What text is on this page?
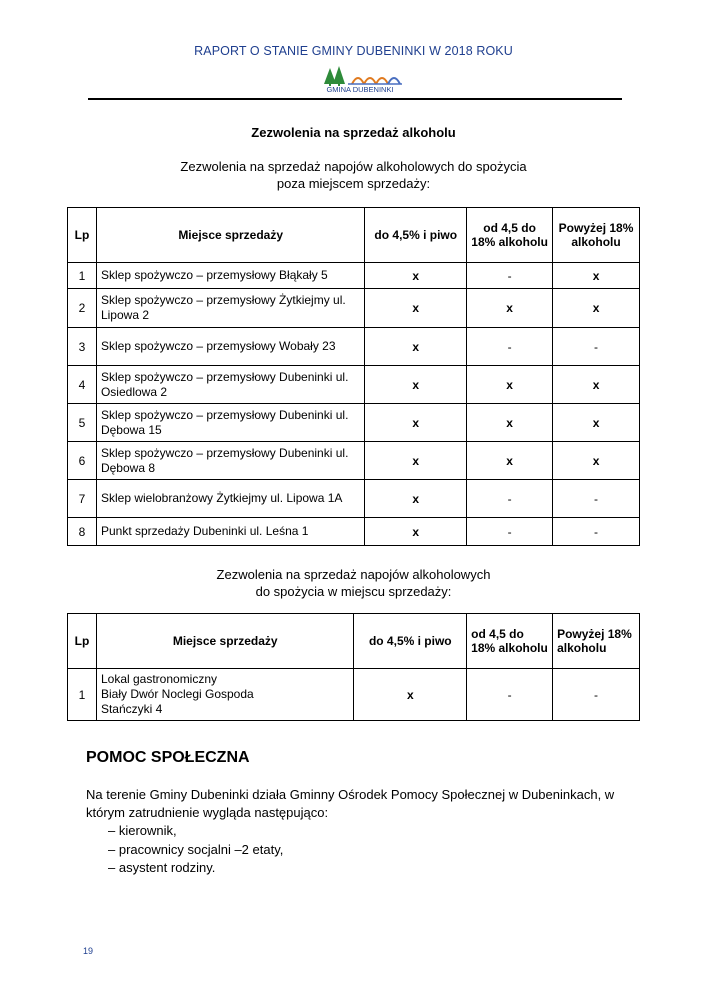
RAPORT O STANIE GMINY DUBENINKI W 2018 ROKU
GMINA DUBENINKI
Zezwolenia na sprzedaż alkoholu
Zezwolenia na sprzedaż napojów alkoholowych do spożycia
poza miejscem sprzedaży:
Lp	Miejsce sprzedaży	do 4,5% i piwo	od 4,5 do 18% alkoholu	Powyżej 18% alkoholu
1	Sklep spożywczo – przemysłowy Błąkały 5	x	-	x
2	Sklep spożywczo – przemysłowy Żytkiejmy ul. Lipowa 2	x	x	x
3	Sklep spożywczo – przemysłowy Wobały 23	x	-	-
4	Sklep spożywczo – przemysłowy Dubeninki ul. Osiedlowa 2	x	x	x
5	Sklep spożywczo – przemysłowy Dubeninki ul. Dębowa 15	x	x	x
6	Sklep spożywczo – przemysłowy Dubeninki ul. Dębowa 8	x	x	x
7	Sklep wielobranżowy Żytkiejmy ul. Lipowa 1A	x	-	-
8	Punkt sprzedaży Dubeninki ul. Leśna 1	x	-	-
Zezwolenia na sprzedaż napojów alkoholowych
do spożycia w miejscu sprzedaży:
Lp	Miejsce sprzedaży	do 4,5% i piwo	od 4,5 do 18% alkoholu	Powyżej 18% alkoholu
1	Lokal gastronomiczny
Biały Dwór Noclegi Gospoda
Stańczyki 4	x	-	-
POMOC SPOŁECZNA
Na terenie Gminy Dubeninki działa Gminny Ośrodek Pomocy Społecznej w Dubeninkach, w którym zatrudnienie wygląda następująco:
– kierownik,
– pracownicy socjalni –2 etaty,
– asystent rodziny.
19
